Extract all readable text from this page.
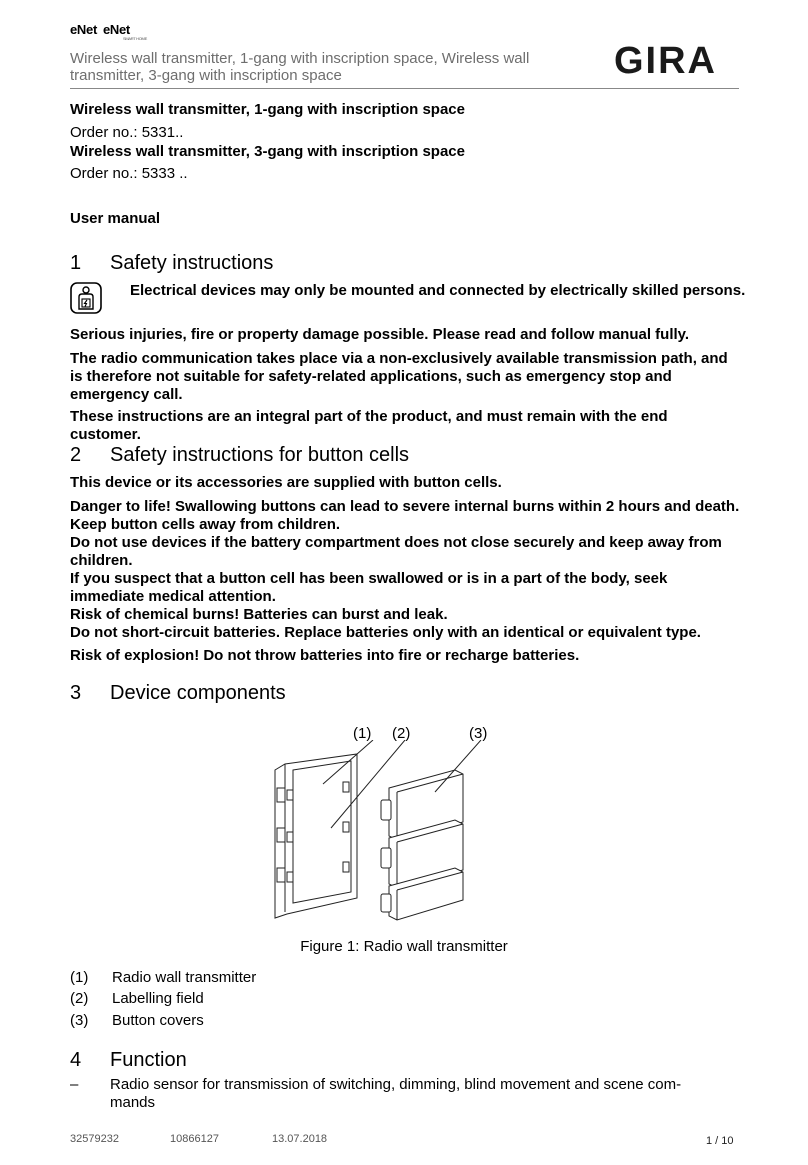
eNet eNet
SMART HOME
Wireless wall transmitter, 1-gang with inscription space, Wireless wall transmitter, 3-gang with inscription space	GIRA
Wireless wall transmitter, 1-gang with inscription space
Order no.: 5331..
Wireless wall transmitter, 3-gang with inscription space
Order no.: 5333 ..
User manual
1 Safety instructions
Electrical devices may only be mounted and connected by electrically skilled persons.
Serious injuries, fire or property damage possible. Please read and follow manual fully.
The radio communication takes place via a non-exclusively available transmission path, and is therefore not suitable for safety-related applications, such as emergency stop and emergency call.
These instructions are an integral part of the product, and must remain with the end customer.
2 Safety instructions for button cells
This device or its accessories are supplied with button cells.
Danger to life! Swallowing buttons can lead to severe internal burns within 2 hours and death.
Keep button cells away from children.
Do not use devices if the battery compartment does not close securely and keep away from children.
If you suspect that a button cell has been swallowed or is in a part of the body, seek immediate medical attention.
Risk of chemical burns! Batteries can burst and leak.
Do not short-circuit batteries. Replace batteries only with an identical or equivalent type.
Risk of explosion! Do not throw batteries into fire or recharge batteries.
3 Device components
(1) (2)	(3)
Figure 1: Radio wall transmitter
(1) Radio wall transmitter
(2) Labelling field
(3) Button covers
4 Function
– Radio sensor for transmission of switching, dimming, blind movement and scene com-mands
32579232	10866127	13.07.2018	1 / 10
